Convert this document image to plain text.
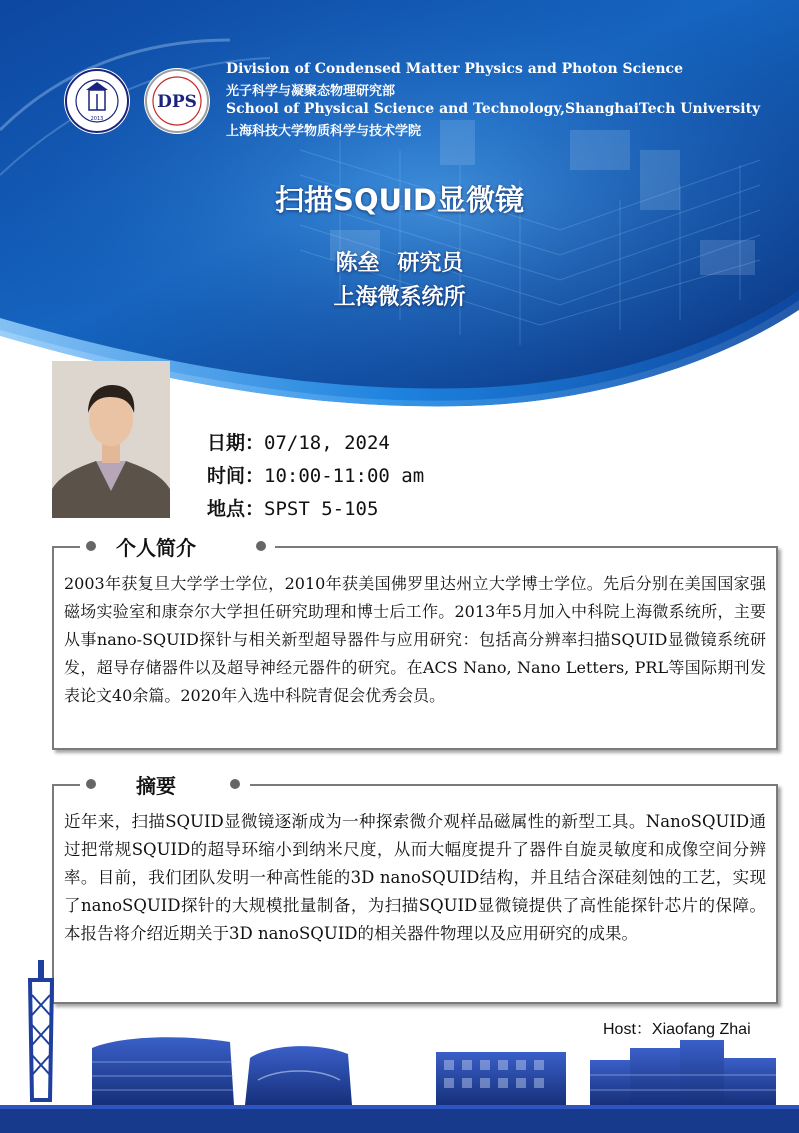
2013
DPS
Division of Condensed Matter Physics and Photon Science
光子科学与凝聚态物理研究部
School of Physical Science and Technology,ShanghaiTech University
上海科技大学物质科学与技术学院
扫描SQUID显微镜
陈垒 研究员
上海微系统所
日期：07/18, 2024
时间：10:00-11:00 am
地点：SPST 5-105
2003年获复旦大学学士学位，2010年获美国佛罗里达州立大学博士学位。先后分别在美国国家强磁场实验室和康奈尔大学担任研究助理和博士后工作。2013年5月加入中科院上海微系统所，主要从事nano-SQUID探针与相关新型超导器件与应用研究：包括高分辨率扫描SQUID显微镜系统研发，超导存储器件以及超导神经元器件的研究。在ACS Nano, Nano Letters, PRL等国际期刊发表论文40余篇。2020年入选中科院青促会优秀会员。
个人简介
近年来，扫描SQUID显微镜逐渐成为一种探索微介观样品磁属性的新型工具。NanoSQUID通过把常规SQUID的超导环缩小到纳米尺度，从而大幅度提升了器件自旋灵敏度和成像空间分辨率。目前，我们团队发明一种高性能的3D nanoSQUID结构，并且结合深硅刻蚀的工艺，实现了nanoSQUID探针的大规模批量制备，为扫描SQUID显微镜提供了高性能探针芯片的保障。本报告将介绍近期关于3D nanoSQUID的相关器件物理以及应用研究的成果。
摘要
Host：Xiaofang Zhai
